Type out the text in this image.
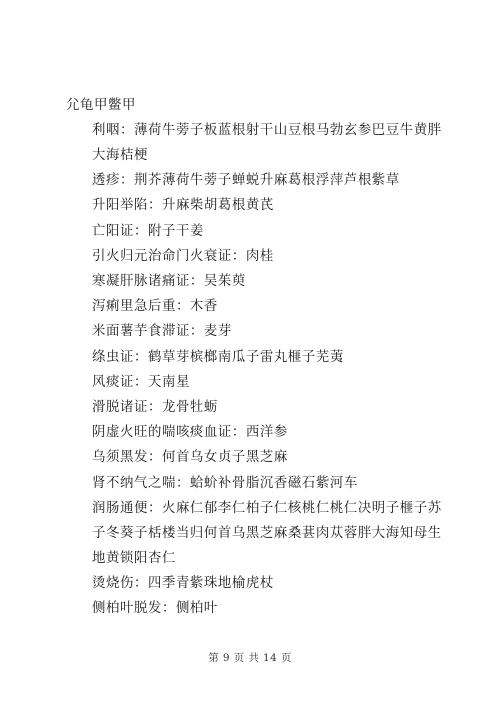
尣龟甲鳖甲
利咽：薄荷牛蒡子板蓝根射干山豆根马勃玄参巴豆牛黄胖大海桔梗
透疹：荆芥薄荷牛蒡子蝉蜕升麻葛根浮萍芦根紫草
升阳举陷：升麻柴胡葛根黄芪
亡阳证：附子干姜
引火归元治命门火衰证：肉桂
寒凝肝脉诸痛证：吴茱萸
泻痢里急后重：木香
米面薯芋食滞证：麦芽
绦虫证：鹤草芽槟榔南瓜子雷丸榧子芜荑
风痰证：天南星
滑脱诸证：龙骨牡蛎
阴虚火旺的喘咳痰血证：西洋参
乌须黑发：何首乌女贞子黑芝麻
肾不纳气之喘：蛤蚧补骨脂沉香磁石紫河车
润肠通便：火麻仁郁李仁柏子仁核桃仁桃仁决明子榧子苏子冬葵子栝楼当归何首乌黑芝麻桑葚肉苁蓉胖大海知母生地黄锁阳杏仁
烫烧伤：四季青紫珠地榆虎杖
侧柏叶脱发：侧柏叶
第 9 页 共 14 页
